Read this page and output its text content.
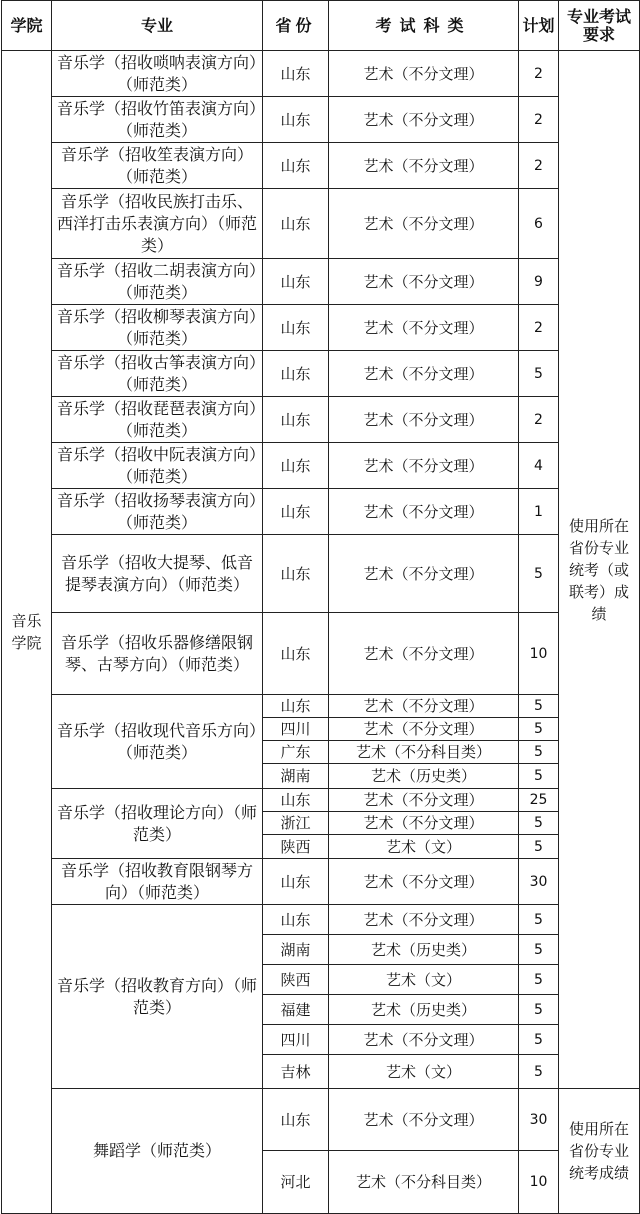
学院	专业	省份	考试科类	计划	专业考试要求
音乐学院	音乐学（招收唢呐表演方向）（师范类）	山东	艺术（不分文理）	2	使用所在省份专业统考（或联考）成绩
	音乐学（招收竹笛表演方向）（师范类）	山东	艺术（不分文理）	2	
	音乐学（招收笙表演方向）（师范类）	山东	艺术（不分文理）	2	
	音乐学（招收民族打击乐、西洋打击乐表演方向）（师范类）	山东	艺术（不分文理）	6	
	音乐学（招收二胡表演方向）（师范类）	山东	艺术（不分文理）	9	
	音乐学（招收柳琴表演方向）（师范类）	山东	艺术（不分文理）	2	
	音乐学（招收古筝表演方向）（师范类）	山东	艺术（不分文理）	5	
	音乐学（招收琵琶表演方向）（师范类）	山东	艺术（不分文理）	2	
	音乐学（招收中阮表演方向）（师范类）	山东	艺术（不分文理）	4	
	音乐学（招收扬琴表演方向）（师范类）	山东	艺术（不分文理）	1	
	音乐学（招收大提琴、低音提琴表演方向）（师范类）	山东	艺术（不分文理）	5	
	音乐学（招收乐器修缮限钢琴、古琴方向）（师范类）	山东	艺术（不分文理）	10	
	音乐学（招收现代音乐方向）（师范类）	山东	艺术（不分文理）	5	
		四川	艺术（不分文理）	5	
		广东	艺术（不分科目类）	5	
		湖南	艺术（历史类）	5	
	音乐学（招收理论方向）（师范类）	山东	艺术（不分文理）	25	
		浙江	艺术（不分文理）	5	
		陕西	艺术（文）	5	
	音乐学（招收教育限钢琴方向）（师范类）	山东	艺术（不分文理）	30	
	音乐学（招收教育方向）（师范类）	山东	艺术（不分文理）	5	
		湖南	艺术（历史类）	5	
		陕西	艺术（文）	5	
		福建	艺术（历史类）	5	
		四川	艺术（不分文理）	5	
		吉林	艺术（文）	5	
	舞蹈学（师范类）	山东	艺术（不分文理）	30	使用所在省份专业统考成绩
		河北	艺术（不分科目类）	10	
